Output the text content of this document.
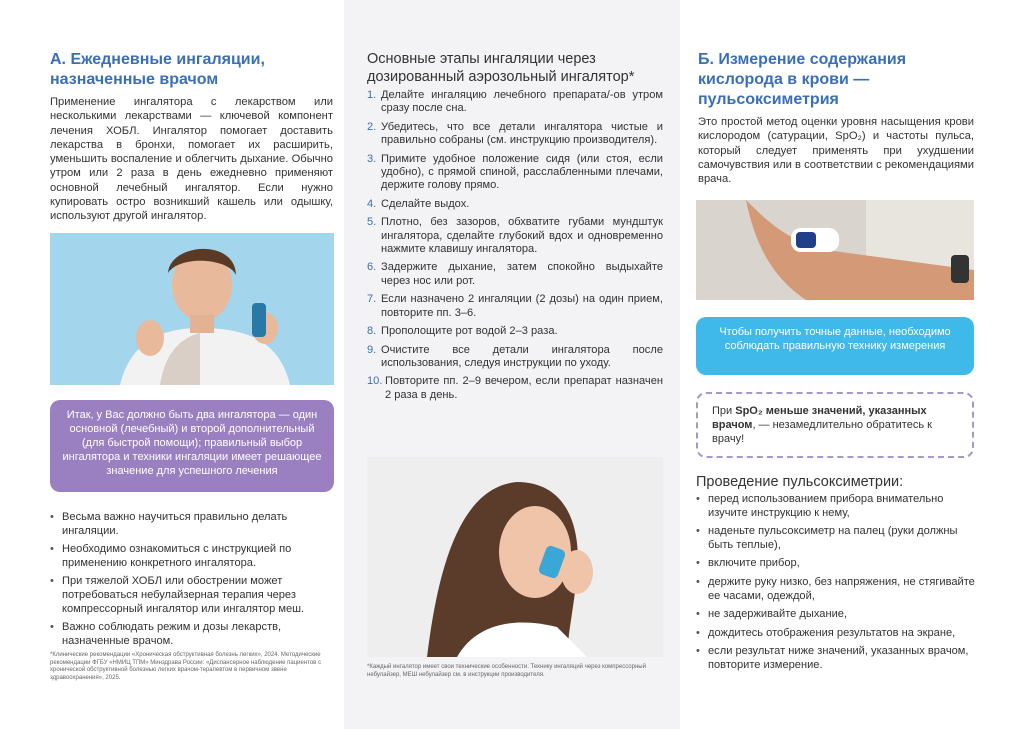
А. Ежедневные ингаляции, назначенные врачом

Применение ингалятора с лекарством или несколькими лекарствами — ключевой компонент лечения ХОБЛ. Ингалятор помогает доставить лекарства в бронхи, помогает их расширить, уменьшить воспаление и облегчить дыхание. Обычно утром или 2 раза в день ежедневно применяют основной лечебный ингалятор. Если нужно купировать остро возникший кашель или одышку, используют другой ингалятор.

Итак, у Вас должно быть два ингалятора — один основной (лечебный) и второй дополнительный (для быстрой помощи); правильный выбор ингалятора и техники ингаляции имеет решающее значение для успешного лечения
• Весьма важно научиться правильно делать ингаляции.
• Необходимо ознакомиться с инструкцией по применению конкретного ингалятора.
• При тяжелой ХОБЛ или обострении может потребоваться небулайзерная терапия через компрессорный ингалятор или ингалятор меш.
• Важно соблюдать режим и дозы лекарств, назначенные врачом.
*Клинические рекомендации «Хроническая обструктивная болезнь легких», 2024. Методические рекомендации ФГБУ «НМИЦ ТПМ» Минздрава России: «Диспансерное наблюдение пациентов с хронической обструктивной болезнью легких врачом-терапевтом в первичном звене здравоохранения», 2025.
Основные этапы ингаляции через дозированный аэрозольный ингалятор*
1. Делайте ингаляцию лечебного препарата/-ов утром сразу после сна.
2. Убедитесь, что все детали ингалятора чистые и правильно собраны (см. инструкцию производителя).
3. Примите удобное положение сидя (или стоя, если удобно), с прямой спиной, расслабленными плечами, держите голову прямо.
4. Сделайте выдох.
5. Плотно, без зазоров, обхватите губами мундштук ингалятора, сделайте глубокий вдох и одновременно нажмите клавишу ингалятора.
6. Задержите дыхание, затем спокойно выдыхайте через нос или рот.
7. Если назначено 2 ингаляции (2 дозы) на один прием, повторите пп. 3–6.
8. Прополощите рот водой 2–3 раза.
9. Очистите все детали ингалятора после использования, следуя инструкции по уходу.
10. Повторите пп. 2–9 вечером, если препарат назначен 2 раза в день.
*Каждый ингалятор имеет свои технические особенности. Технику ингаляций через компрессорный небулайзер, МЕШ небулайзер см. в инструкции производителя.
Б. Измерение содержания кислорода в крови — пульсоксиметрия

Это простой метод оценки уровня насыщения крови кислородом (сатурации, SpO₂) и частоты пульса, который следует применять при ухудшении самочувствия или в соответствии с рекомендациями врача.

Чтобы получить точные данные, необходимо соблюдать правильную технику измерения
При SpO₂ меньше значений, указанных врачом, — незамедлительно обратитесь к врачу!
Проведение пульсоксиметрии:
• перед использованием прибора внимательно изучите инструкцию к нему,
• наденьте пульсоксиметр на палец (руки должны быть теплые),
• включите прибор,
• держите руку низко, без напряжения, не стягивайте ее часами, одеждой,
• не задерживайте дыхание,
• дождитесь отображения результатов на экране,
• если результат ниже значений, указанных врачом, повторите измерение.
